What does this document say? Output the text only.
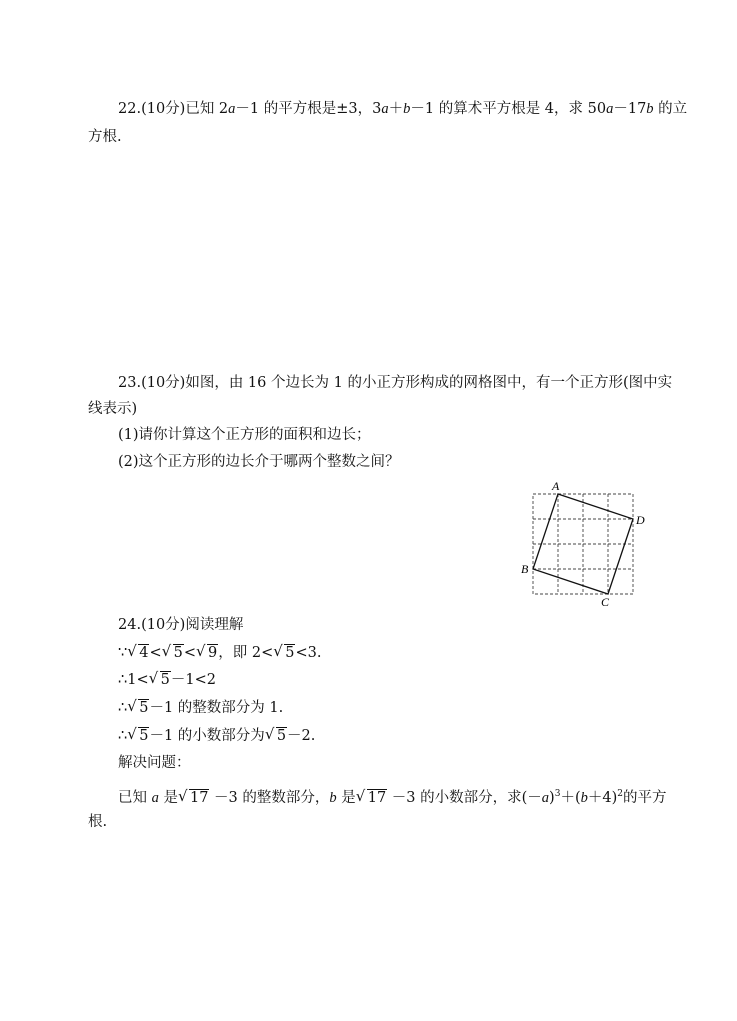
22.(10分)已知 2a－1 的平方根是±3，3a＋b－1 的算术平方根是 4，求 50a－17b 的立
方根.
23.(10分)如图，由 16 个边长为 1 的小正方形构成的网格图中，有一个正方形(图中实
线表示)
(1)请你计算这个正方形的面积和边长；
(2)这个正方形的边长介于哪两个整数之间？
A
D
B
C
24.(10分)阅读理解
∵ √ 4< √ 5< √ 9，即 2< √ 5<3.
∴1< √ 5－1<2
∴ √ 5－1 的整数部分为 1.
∴ √ 5－1 的小数部分为 √ 5－2.
解决问题：
已知 a 是 √ 17 －3 的整数部分，b 是 √ 17 －3 的小数部分，求$(-a)^3+(b+4)^2$的平方
根.
